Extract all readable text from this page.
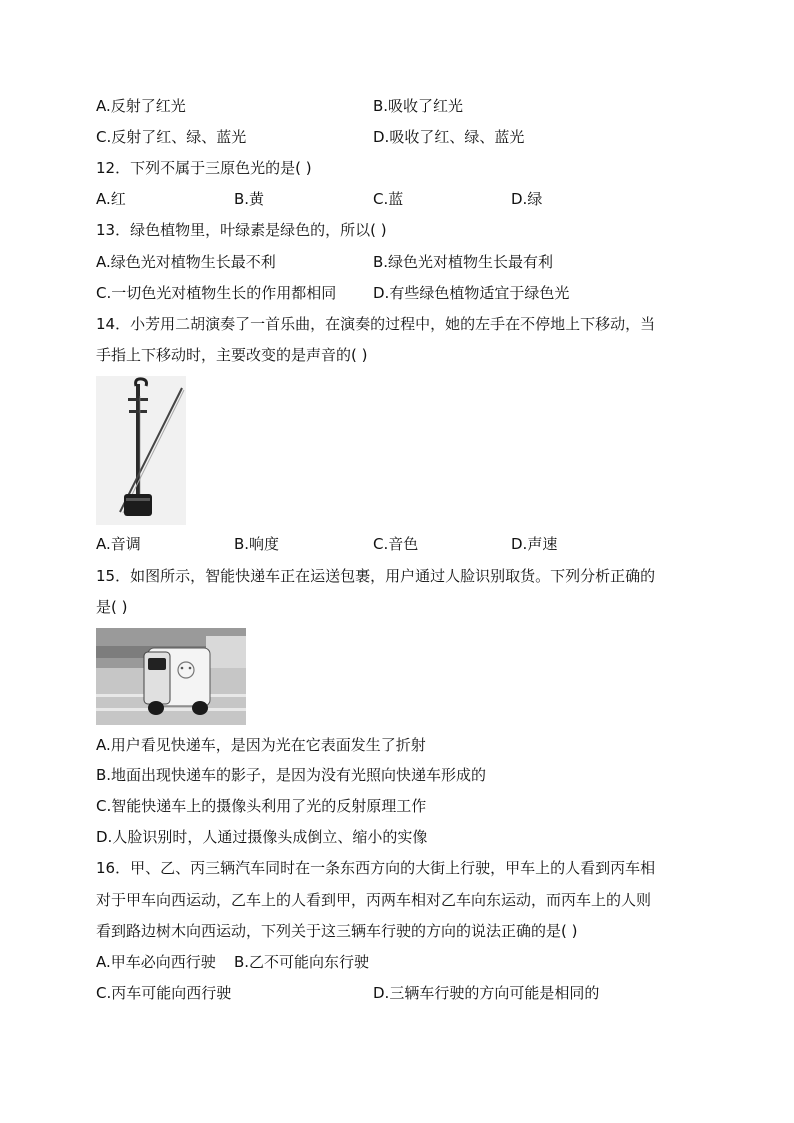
A.反射了红光	B.吸收了红光
C.反射了红、绿、蓝光	D.吸收了红、绿、蓝光
12．下列不属于三原色光的是( )
A.红	B.黄	C.蓝	D.绿
13．绿色植物里，叶绿素是绿色的，所以( )
A.绿色光对植物生长最不利	B.绿色光对植物生长最有利
C.一切色光对植物生长的作用都相同 D.有些绿色植物适宜于绿色光
14．小芳用二胡演奏了一首乐曲，在演奏的过程中，她的左手在不停地上下移动，当
手指上下移动时，主要改变的是声音的( )
A.音调	B.响度	C.音色	D.声速
15．如图所示，智能快递车正在运送包裹，用户通过人脸识别取货。下列分析正确的
是( )
A.用户看见快递车，是因为光在它表面发生了折射
B.地面出现快递车的影子，是因为没有光照向快递车形成的
C.智能快递车上的摄像头利用了光的反射原理工作
D.人脸识别时，人通过摄像头成倒立、缩小的实像
16．甲、乙、丙三辆汽车同时在一条东西方向的大街上行驶，甲车上的人看到丙车相
对于甲车向西运动，乙车上的人看到甲，丙两车相对乙车向东运动，而丙车上的人则
看到路边树木向西运动，下列关于这三辆车行驶的方向的说法正确的是( )
A.甲车必向西行驶 B.乙不可能向东行驶
C.丙车可能向西行驶	D.三辆车行驶的方向可能是相同的
